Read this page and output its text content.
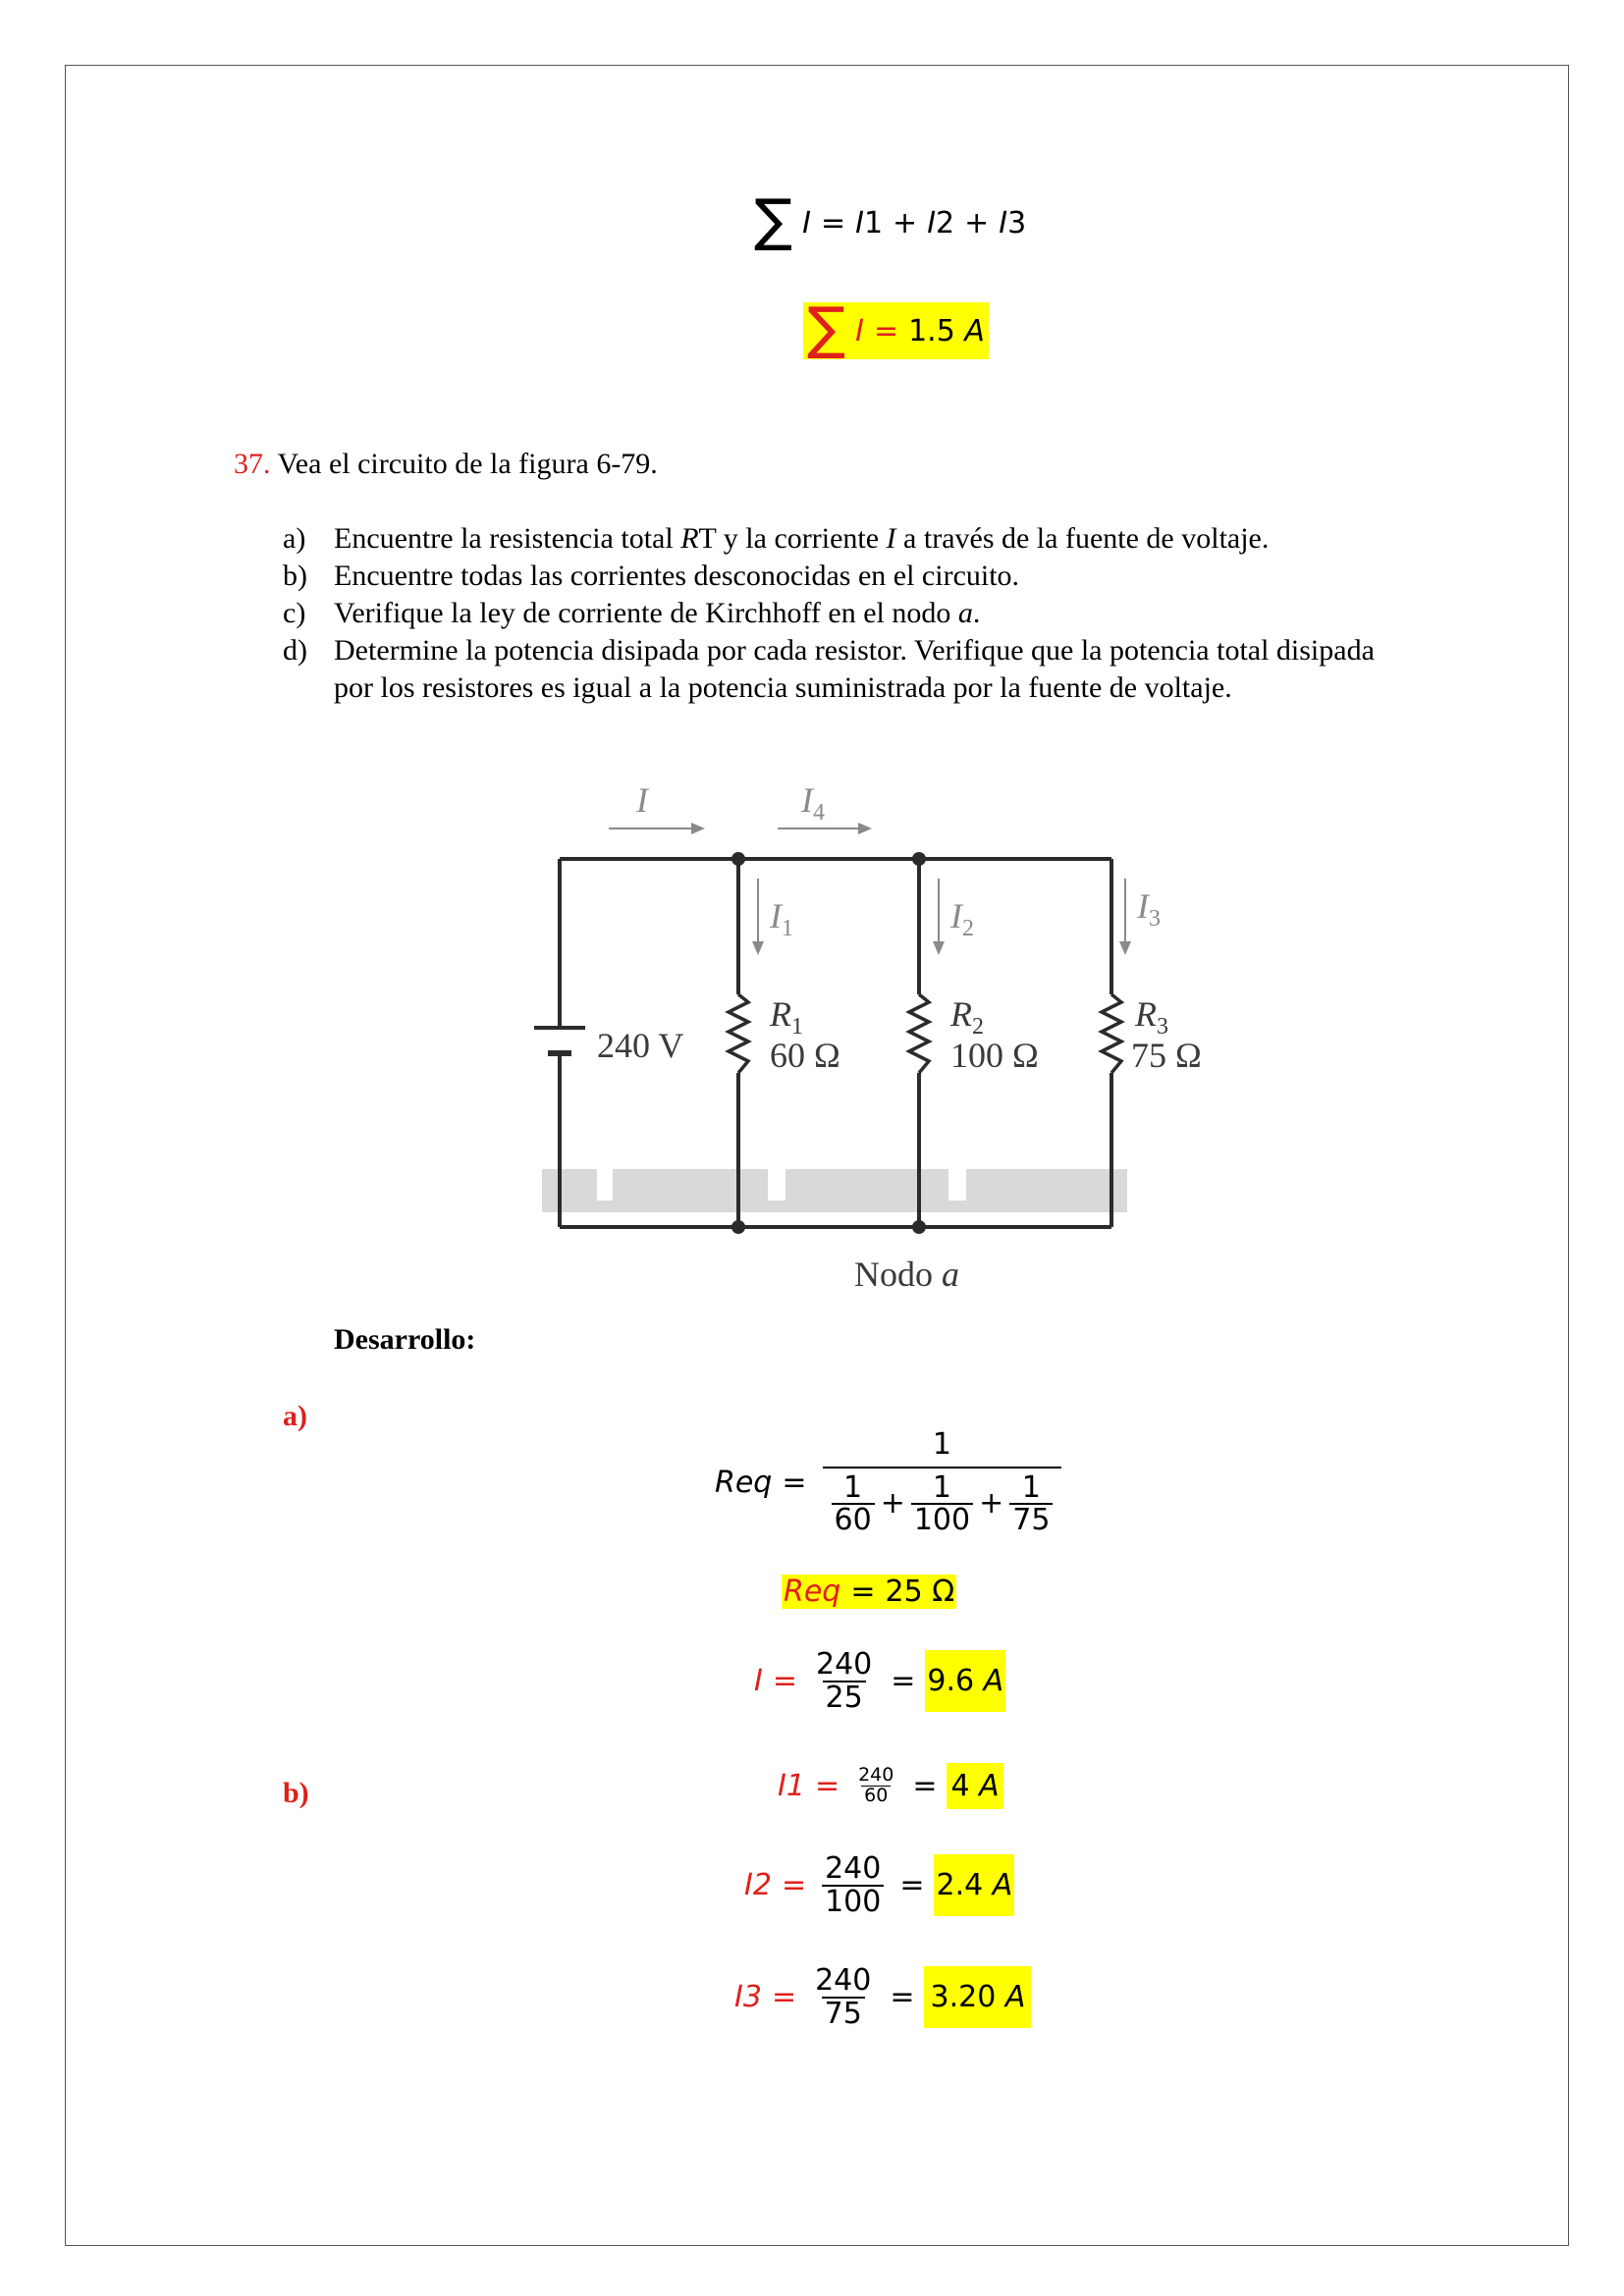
∑ I = I 1 + I 2 + I 3
∑ I = 1.5
A
37. Vea el circuito de la figura 6-79.
a) Encuentre la resistencia total RT y la corriente I a través de la fuente de voltaje.
b) Encuentre todas las corrientes desconocidas en el circuito.
c) Verifique la ley de corriente de Kirchhoff en el nodo a.
d) Determine la potencia disipada por cada resistor. Verifique que la potencia total disipada por los resistores es igual a la potencia suministrada por la fuente de voltaje.
I	$I_4$
$I_1$	$I_2$
$I_3$
240 V
$R_1$
60 Ω
$R_2$
100 Ω
$R_3$
75 Ω
Nodo a
Desarrollo:
a)
Req = $\frac{1}{\frac{1}{60} + \frac{1}{100} + \frac{1}{75}}$
Req = 25
Ω
$I = \frac{240}{25} = 9.6$ A
b)	$I1 = \frac{240}{60} = 4$ A
$I2 = \frac{240}{100} = 2.4$ A
$I3 = \frac{240}{75} = 3.20$ A
